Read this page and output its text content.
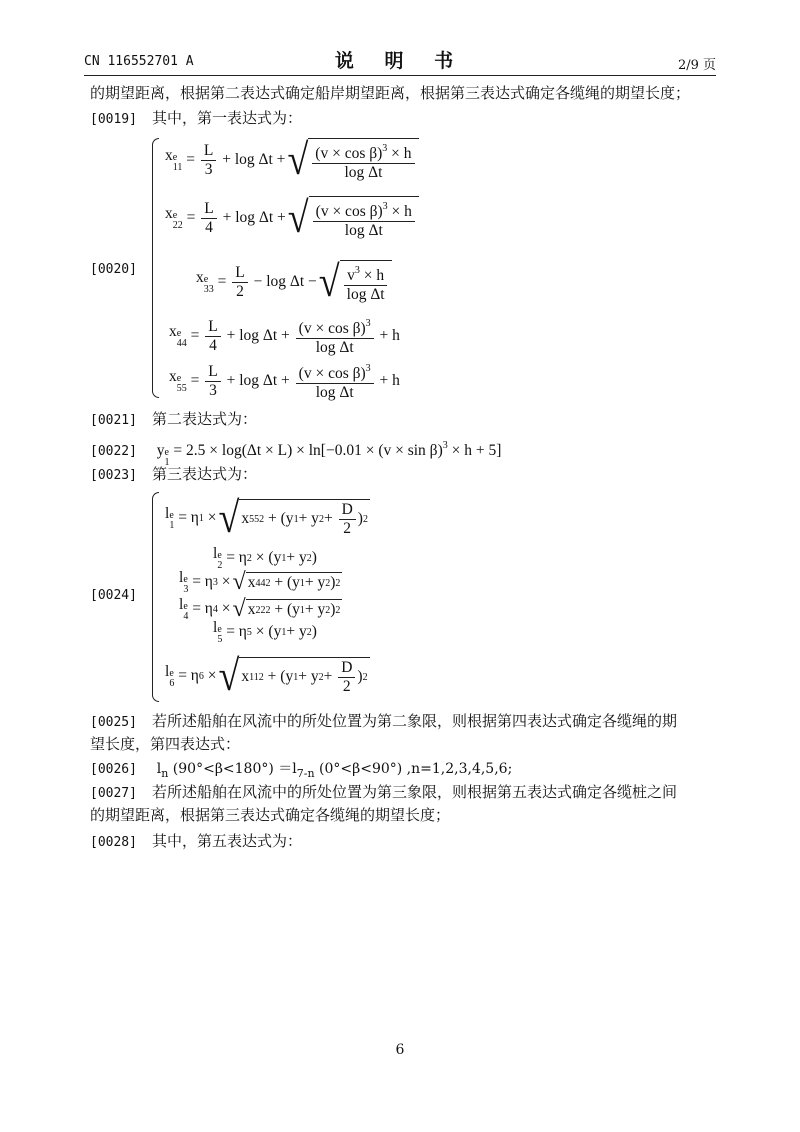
CN 116552701 A	说 明 书	2/9 页
的期望距离，根据第二表达式确定船岸期望距离，根据第三表达式确定各缆绳的期望长度；
[0019] 其中，第一表达式为：
[0020]
x e
$11 = \frac{L}{3} + \log \Delta t$ + √ $\frac{(v \times \cos \beta)^3 \times h}{\text{log Δt}}$
x e
$22 = \frac{L}{4} + \log \Delta t$ + √ $\frac{(v \times \cos \beta)^3 \times h}{\text{log Δt}}$
x e
$33 = \frac{L}{2} - \log \Delta t$ − √ $\frac{v^3 \times h}{\text{log Δt}}$
x e
$44 = \frac{L}{4} + \log \Delta t + \frac{(v \times \cos \beta)^3}{\text{log Δt}} + h$
x e
$55 = \frac{L}{3} + \log \Delta t + \frac{(v \times \cos \beta)^3}{\text{log Δt}} + h$
[0021] 第二表达式为：
[0022] y e
1
= $2.5 \times \log(\Delta t \times L) \times \ln[-0.01 \times (v \times \sin \beta)^3 \times h + 5]$
[0023] 第三表达式为：
[0024]
l e
1 = η 1 × √ x 55 2 + (y 1 + y $2 + \frac{D}{2}$ ) 2
l e
2 = η 2 × (y 1 + y 2 )
l e
3 = η 3 × √ x 44 2 + (y 1 + y 2 ) 2
l e
4 = η 4 × √ x 22 2 + (y 1 + y 2 ) 2
l e
5 = η 5 × (y 1 + y 2 )
l e
6 = η 6 × √ x 11 2 + (y 1 + y $2 + \frac{D}{2}$ ) 2
[0025] 若所述船舶在风流中的所处位置为第二象限，则根据第四表达式确定各缆绳的期
望长度，第四表达式：
[0026] $l_n$ $(90^\circ<\beta<180^\circ) =l_{7-n}$ (0°<β<90°) ,n=1,2,3,4,5,6;
[0027] 若所述船舶在风流中的所处位置为第三象限，则根据第五表达式确定各缆桩之间
的期望距离，根据第三表达式确定各缆绳的期望长度；
[0028] 其中，第五表达式为：
6
